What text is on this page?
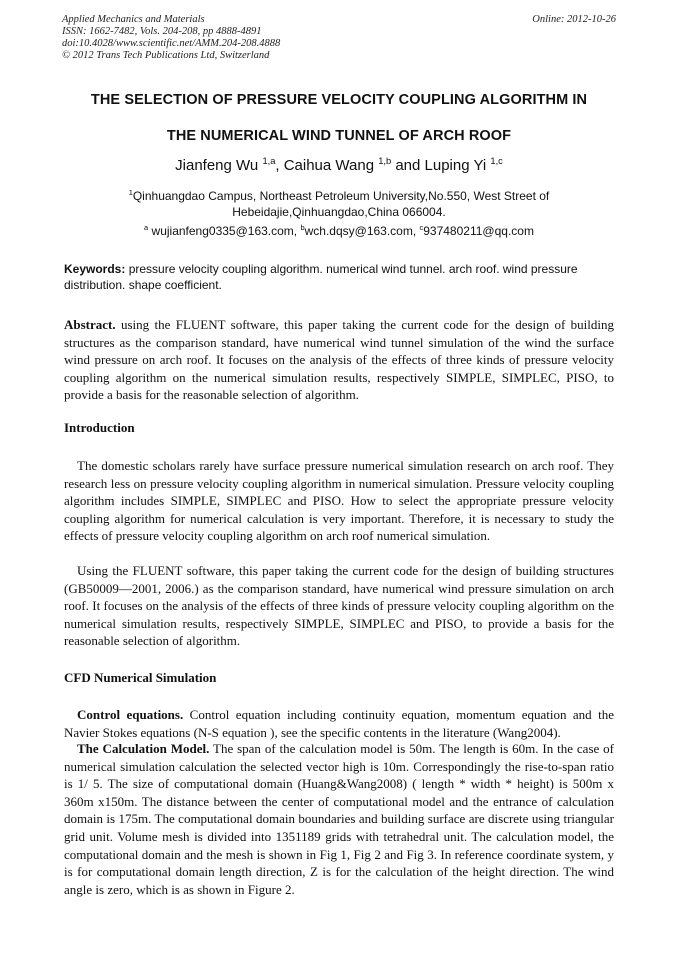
Applied Mechanics and Materials
ISSN: 1662-7482, Vols. 204-208, pp 4888-4891
doi:10.4028/www.scientific.net/AMM.204-208.4888
© 2012 Trans Tech Publications Ltd, Switzerland
Online: 2012-10-26
THE SELECTION OF PRESSURE VELOCITY COUPLING ALGORITHM IN
THE NUMERICAL WIND TUNNEL OF ARCH ROOF
Jianfeng Wu $^{1,a}$, Caihua Wang $^{1,b}$ and Luping Yi $^{1,c}$
$^1$Qinhuangdao Campus, Northeast Petroleum University,No.550, West Street of Hebeidajie,Qinhuangdao,China 066004.
$^a$ wujianfeng0335@163.com, $^b$wch.dqsy@163.com, $^c$937480211@qq.com
Keywords: pressure velocity coupling algorithm. numerical wind tunnel. arch roof. wind pressure distribution. shape coefficient.
Abstract. using the FLUENT software, this paper taking the current code for the design of building structures as the comparison standard, have numerical wind tunnel simulation of the wind the surface wind pressure on arch roof. It focuses on the analysis of the effects of three kinds of pressure velocity coupling algorithm on the numerical simulation results, respectively SIMPLE, SIMPLEC, PISO, to provide a basis for the reasonable selection of algorithm.
Introduction
The domestic scholars rarely have surface pressure numerical simulation research on arch roof. They research less on pressure velocity coupling algorithm in numerical simulation. Pressure velocity coupling algorithm includes SIMPLE, SIMPLEC and PISO. How to select the appropriate pressure velocity coupling algorithm for numerical calculation is very important. Therefore, it is necessary to study the effects of pressure velocity coupling algorithm on arch roof numerical simulation.
Using the FLUENT software, this paper taking the current code for the design of building structures (GB50009—2001, 2006.) as the comparison standard, have numerical wind pressure simulation on arch roof. It focuses on the analysis of the effects of three kinds of pressure velocity coupling algorithm on the numerical simulation results, respectively SIMPLE, SIMPLEC and PISO, to provide a basis for the reasonable selection of algorithm.
CFD Numerical Simulation
Control equations. Control equation including continuity equation, momentum equation and the Navier Stokes equations (N-S equation ), see the specific contents in the literature (Wang2004).
The Calculation Model. The span of the calculation model is 50m. The length is 60m. In the case of numerical simulation calculation the selected vector high is 10m. Correspondingly the rise-to-span ratio is 1/ 5. The size of computational domain (Huang&Wang2008) ( length * width * height) is 500m x 360m x150m. The distance between the center of computational model and the entrance of calculation domain is 175m. The computational domain boundaries and building surface are discrete using triangular grid unit. Volume mesh is divided into 1351189 grids with tetrahedral unit. The calculation model, the computational domain and the mesh is shown in Fig 1, Fig 2 and Fig 3. In reference coordinate system, y is for computational domain length direction, Z is for the calculation of the height direction. The wind angle is zero, which is as shown in Figure 2.
